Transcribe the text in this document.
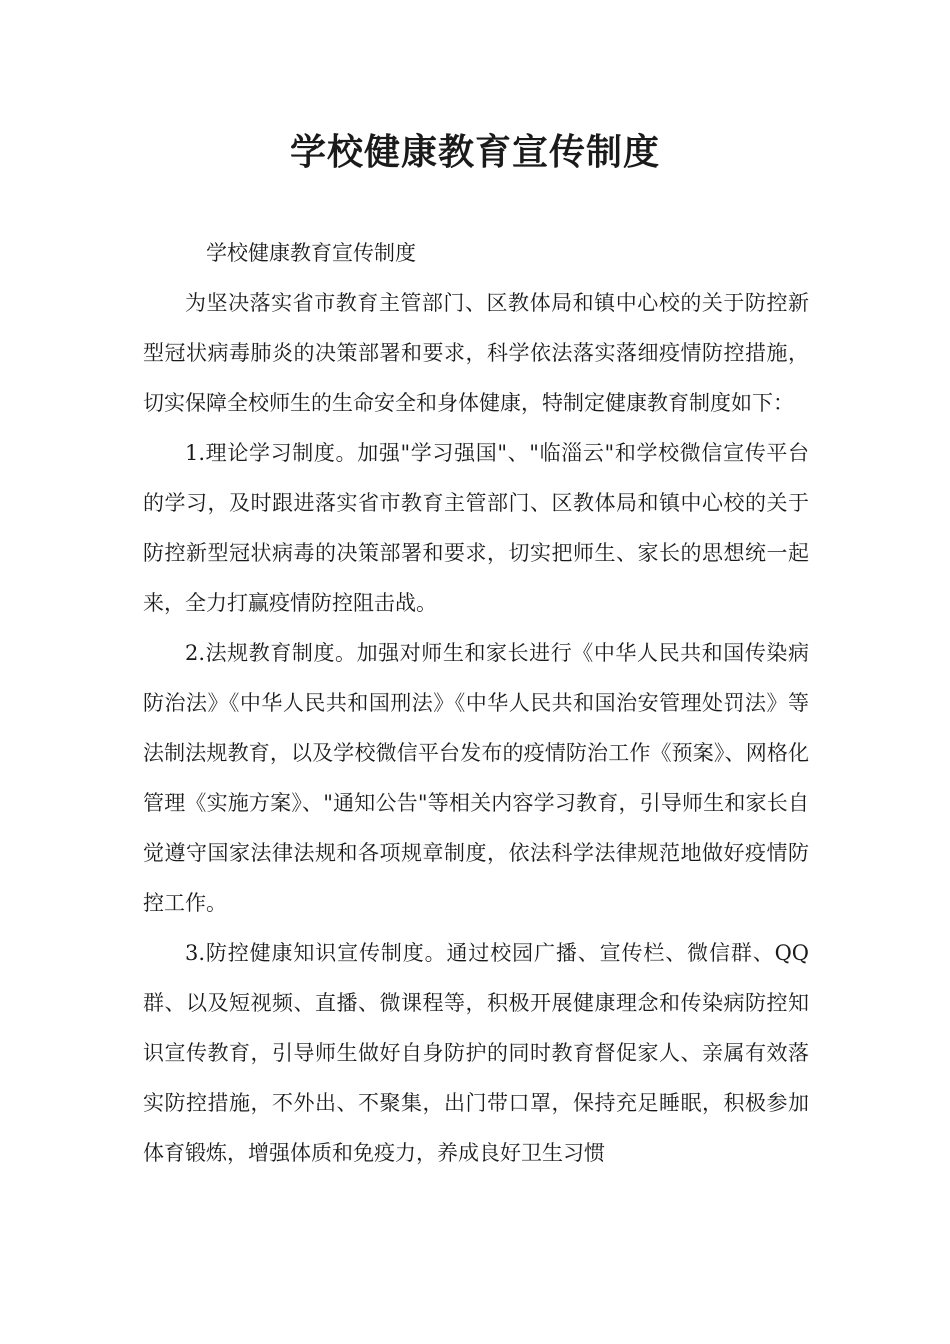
学校健康教育宣传制度

学校健康教育宣传制度

为坚决落实省市教育主管部门、区教体局和镇中心校的关于防控新型冠状病毒肺炎的决策部署和要求，科学依法落实落细疫情防控措施，切实保障全校师生的生命安全和身体健康，特制定健康教育制度如下：

1.理论学习制度。加强"学习强国"、"临淄云"和学校微信宣传平台的学习，及时跟进落实省市教育主管部门、区教体局和镇中心校的关于防控新型冠状病毒的决策部署和要求，切实把师生、家长的思想统一起来，全力打赢疫情防控阻击战。

2.法规教育制度。加强对师生和家长进行《中华人民共和国传染病防治法》《中华人民共和国刑法》《中华人民共和国治安管理处罚法》等法制法规教育，以及学校微信平台发布的疫情防治工作《预案》、网格化管理《实施方案》、"通知公告"等相关内容学习教育，引导师生和家长自觉遵守国家法律法规和各项规章制度，依法科学法律规范地做好疫情防控工作。

3.防控健康知识宣传制度。通过校园广播、宣传栏、微信群、QQ群、以及短视频、直播、微课程等，积极开展健康理念和传染病防控知识宣传教育，引导师生做好自身防护的同时教育督促家人、亲属有效落实防控措施，不外出、不聚集，出门带口罩，保持充足睡眠，积极参加体育锻炼，增强体质和免疫力，养成良好卫生习惯
